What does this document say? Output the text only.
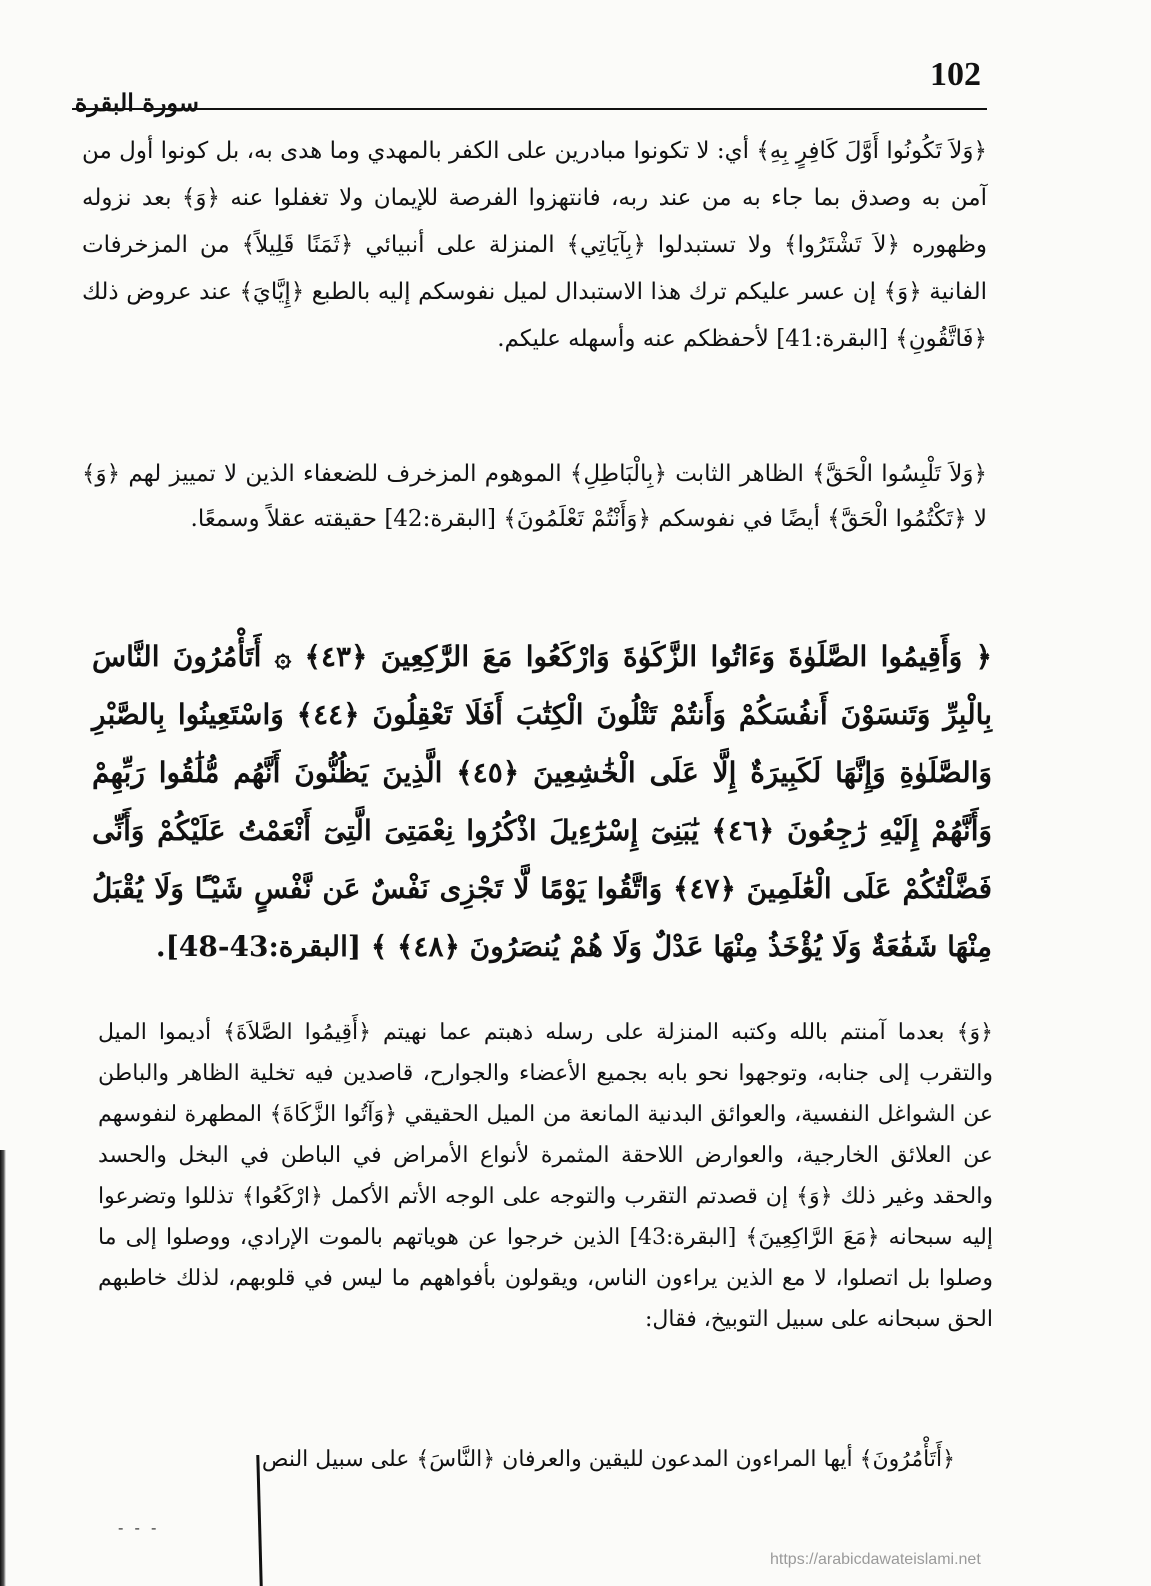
102
سورة البقرة

﴿وَلاَ تَكُونُوا أَوَّلَ كَافِرٍ بِهِ﴾ أي: لا تكونوا مبادرين على الكفر بالمهدي وما هدى به، بل كونوا أول من آمن به وصدق بما جاء به من عند ربه، فانتهزوا الفرصة للإيمان ولا تغفلوا عنه ﴿وَ﴾ بعد نزوله وظهوره ﴿لاَ تَشْتَرُوا﴾ ولا تستبدلوا ﴿بِآيَاتِي﴾ المنزلة على أنبيائي ﴿ثَمَنًا قَلِيلاً﴾ من المزخرفات الفانية ﴿وَ﴾ إن عسر عليكم ترك هذا الاستبدال لميل نفوسكم إليه بالطبع ﴿إِيَّايَ﴾ عند عروض ذلك ﴿فَاتَّقُونِ﴾ [البقرة:41] لأحفظكم عنه وأسهله عليكم.

﴿وَلاَ تَلْبِسُوا الْحَقَّ﴾ الظاهر الثابت ﴿بِالْبَاطِلِ﴾ الموهوم المزخرف للضعفاء الذين لا تمييز لهم ﴿وَ﴾ لا ﴿تَكْتُمُوا الْحَقَّ﴾ أيضًا في نفوسكم ﴿وَأَنْتُمْ تَعْلَمُونَ﴾ [البقرة:42] حقيقته عقلاً وسمعًا.

﴿ وَأَقِيمُوا الصَّلَوٰةَ وَءَاتُوا الزَّكَوٰةَ وَارْكَعُوا مَعَ الرَّٰكِعِينَ ﴿٤٣﴾ ۞ أَتَأْمُرُونَ النَّاسَ بِالْبِرِّ وَتَنسَوْنَ أَنفُسَكُمْ وَأَنتُمْ تَتْلُونَ الْكِتَٰبَ أَفَلَا تَعْقِلُونَ ﴿٤٤﴾ وَاسْتَعِينُوا بِالصَّبْرِ وَالصَّلَوٰةِ وَإِنَّهَا لَكَبِيرَةٌ إِلَّا عَلَى الْخَٰشِعِينَ ﴿٤٥﴾ الَّذِينَ يَظُنُّونَ أَنَّهُم مُّلَٰقُوا رَبِّهِمْ وَأَنَّهُمْ إِلَيْهِ رَٰجِعُونَ ﴿٤٦﴾ يَٰبَنِىٓ إِسْرَٰٓءِيلَ اذْكُرُوا نِعْمَتِىَ الَّتِىٓ أَنْعَمْتُ عَلَيْكُمْ وَأَنِّى فَضَّلْتُكُمْ عَلَى الْعَٰلَمِينَ ﴿٤٧﴾ وَاتَّقُوا يَوْمًا لَّا تَجْزِى نَفْسٌ عَن نَّفْسٍ شَيْـًٔا وَلَا يُقْبَلُ مِنْهَا شَفَٰعَةٌ وَلَا يُؤْخَذُ مِنْهَا عَدْلٌ وَلَا هُمْ يُنصَرُونَ ﴿٤٨﴾ ﴾ [البقرة:43-48].

﴿وَ﴾ بعدما آمنتم بالله وكتبه المنزلة على رسله ذهبتم عما نهيتم ﴿أَقِيمُوا الصَّلاَةَ﴾ أديموا الميل والتقرب إلى جنابه، وتوجهوا نحو بابه بجميع الأعضاء والجوارح، قاصدين فيه تخلية الظاهر والباطن عن الشواغل النفسية، والعوائق البدنية المانعة من الميل الحقيقي ﴿وَآتُوا الزَّكَاةَ﴾ المطهرة لنفوسهم عن العلائق الخارجية، والعوارض اللاحقة المثمرة لأنواع الأمراض في الباطن في البخل والحسد والحقد وغير ذلك ﴿وَ﴾ إن قصدتم التقرب والتوجه على الوجه الأتم الأكمل ﴿ارْكَعُوا﴾ تذللوا وتضرعوا إليه سبحانه ﴿مَعَ الرَّاكِعِينَ﴾ [البقرة:43] الذين خرجوا عن هوياتهم بالموت الإرادي، ووصلوا إلى ما وصلوا بل اتصلوا، لا مع الذين يراءون الناس، ويقولون بأفواههم ما ليس في قلوبهم، لذلك خاطبهم الحق سبحانه على سبيل التوبيخ، فقال:

﴿أَتَأْمُرُونَ﴾ أيها المراءون المدعون لليقين والعرفان ﴿النَّاسَ﴾ على سبيل النص

- - -
https://arabicdawateislami.net
